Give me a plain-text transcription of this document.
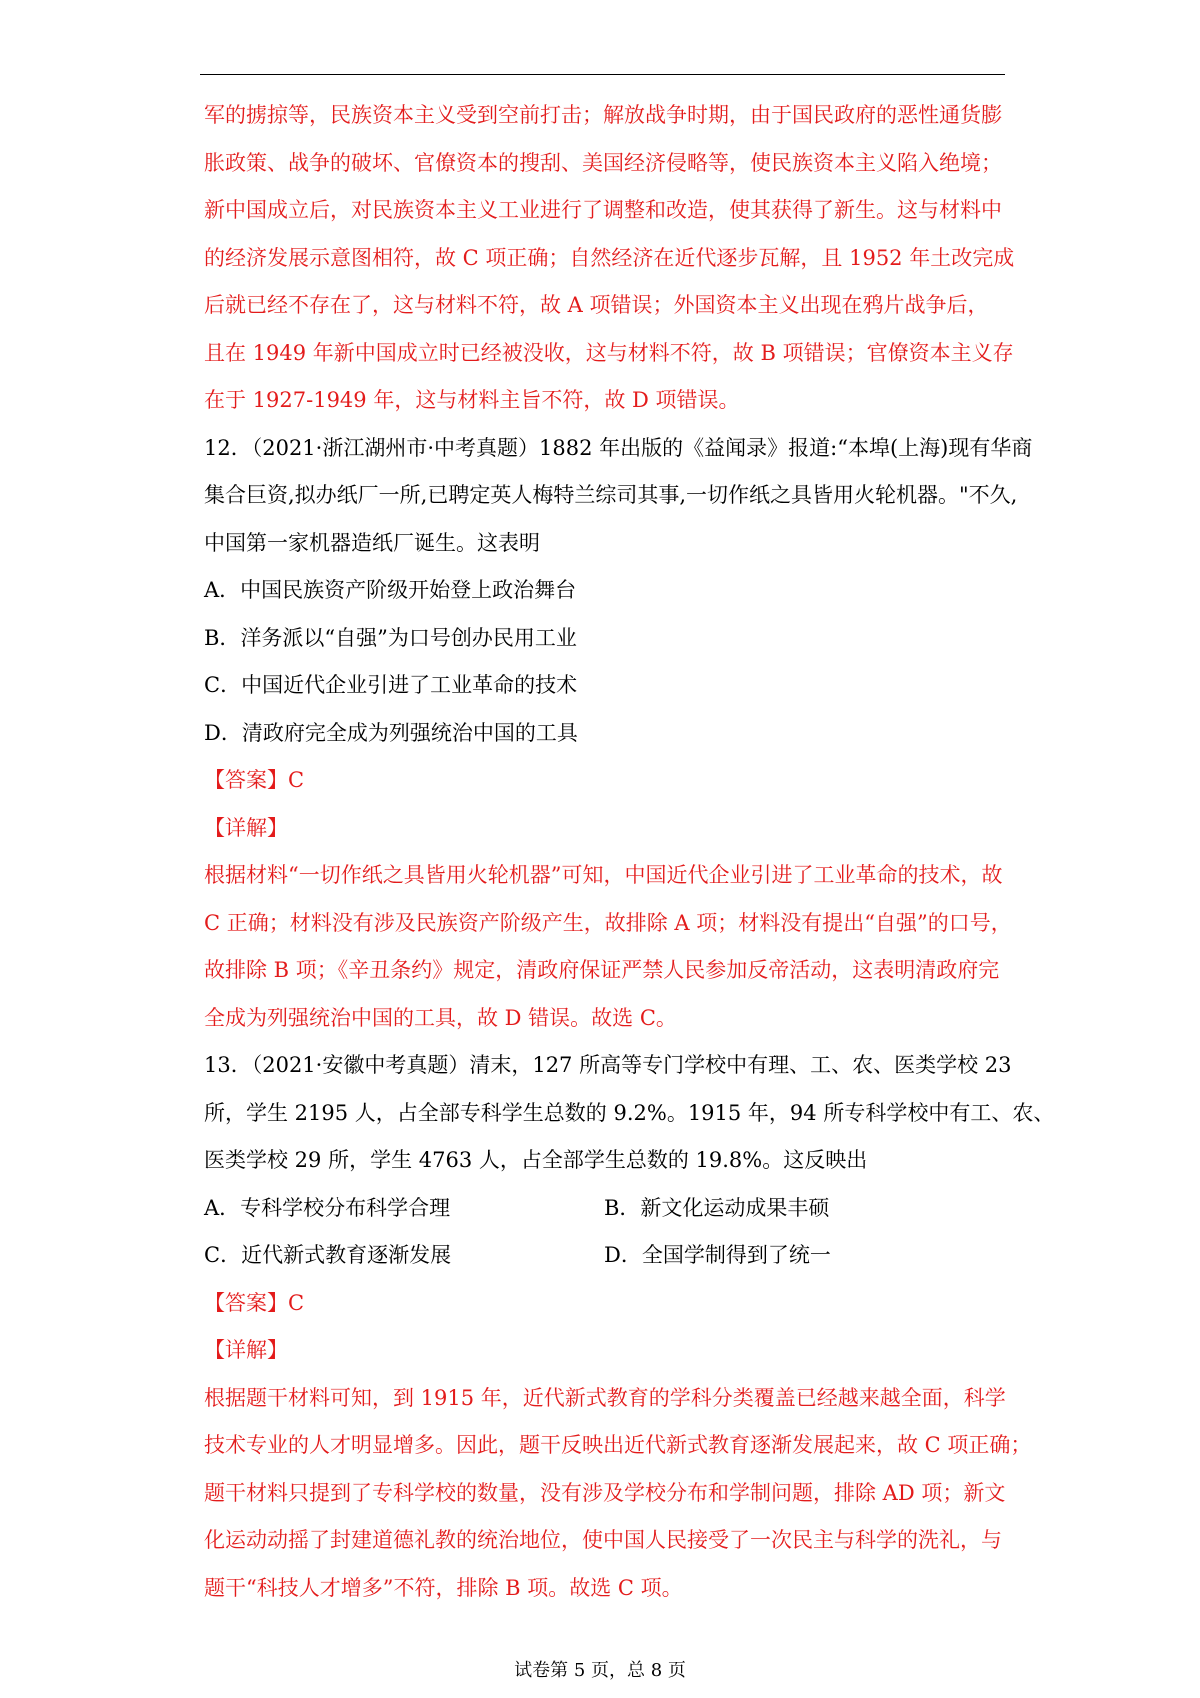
军的掳掠等，民族资本主义受到空前打击；解放战争时期，由于国民政府的恶性通货膨
胀政策、战争的破坏、官僚资本的搜刮、美国经济侵略等，使民族资本主义陷入绝境；
新中国成立后，对民族资本主义工业进行了调整和改造，使其获得了新生。这与材料中
的经济发展示意图相符，故 C 项正确；自然经济在近代逐步瓦解，且 1952 年土改完成
后就已经不存在了，这与材料不符，故 A 项错误；外国资本主义出现在鸦片战争后，
且在 1949 年新中国成立时已经被没收，这与材料不符，故 B 项错误；官僚资本主义存
在于 1927-1949 年，这与材料主旨不符，故 D 项错误。
12．（2021·浙江湖州市·中考真题）1882 年出版的《益闻录》报道:“本埠(上海)现有华商
集合巨资,拟办纸厂一所,已聘定英人梅特兰综司其事,一切作纸之具皆用火轮机器。"不久,
中国第一家机器造纸厂诞生。这表明
A．中国民族资产阶级开始登上政治舞台
B．洋务派以“自强”为口号创办民用工业
C．中国近代企业引进了工业革命的技术
D．清政府完全成为列强统治中国的工具
【答案】C
【详解】
根据材料“一切作纸之具皆用火轮机器”可知，中国近代企业引进了工业革命的技术，故
C 正确；材料没有涉及民族资产阶级产生，故排除 A 项；材料没有提出“自强”的口号，
故排除 B 项；《辛丑条约》规定，清政府保证严禁人民参加反帝活动，这表明清政府完
全成为列强统治中国的工具，故 D 错误。故选 C。
13．（2021·安徽中考真题）清末，127 所高等专门学校中有理、工、农、医类学校 23
所，学生 2195 人，占全部专科学生总数的 9.2%。1915 年，94 所专科学校中有工、农、
医类学校 29 所，学生 4763 人，占全部学生总数的 19.8%。这反映出
A．专科学校分布科学合理	B．新文化运动成果丰硕
C．近代新式教育逐渐发展	D．全国学制得到了统一
【答案】C
【详解】
根据题干材料可知，到 1915 年，近代新式教育的学科分类覆盖已经越来越全面，科学
技术专业的人才明显增多。因此，题干反映出近代新式教育逐渐发展起来，故 C 项正确；
题干材料只提到了专科学校的数量，没有涉及学校分布和学制问题，排除 AD 项；新文
化运动动摇了封建道德礼教的统治地位，使中国人民接受了一次民主与科学的洗礼，与
题干“科技人才增多”不符，排除 B 项。故选 C 项。
试卷第 5 页，总 8 页
